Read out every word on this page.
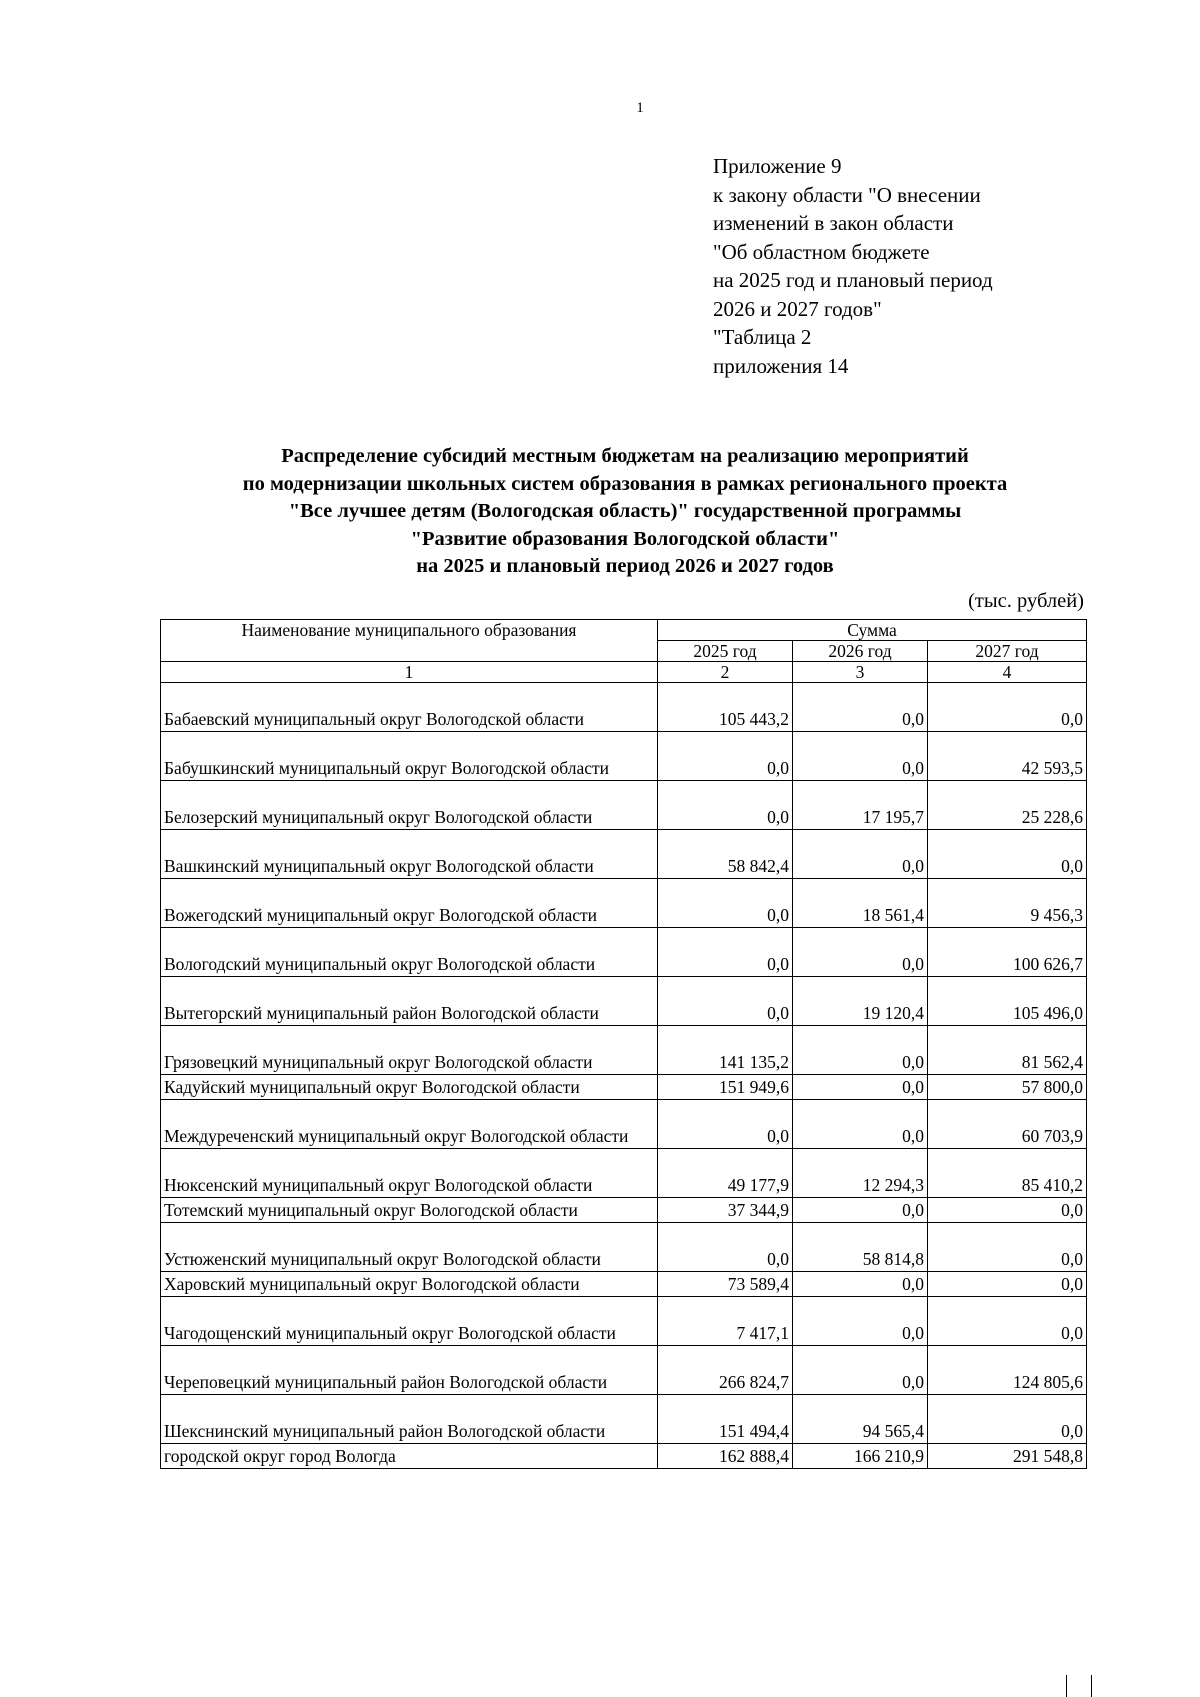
1
Приложение 9
к закону области "О внесении
изменений в закон области
"Об областном бюджете
на 2025 год и плановый период
2026 и 2027 годов"
"Таблица 2
приложения 14
Распределение субсидий местным бюджетам на реализацию мероприятий
по модернизации школьных систем образования в рамках регионального проекта
"Все лучшее детям (Вологодская область)" государственной программы
"Развитие образования Вологодской области"
на 2025 и плановый период 2026 и 2027 годов
(тыс. рублей)
Наименование муниципального образования	Сумма		
	2025 год	2026 год	2027 год
1	2	3	4
Бабаевский муниципальный округ Вологодской области	105 443,2	0,0	0,0
Бабушкинский муниципальный округ Вологодской области	0,0	0,0	42 593,5
Белозерский муниципальный округ Вологодской области	0,0	17 195,7	25 228,6
Вашкинский муниципальный округ Вологодской области	58 842,4	0,0	0,0
Вожегодский муниципальный округ Вологодской области	0,0	18 561,4	9 456,3
Вологодский муниципальный округ Вологодской области	0,0	0,0	100 626,7
Вытегорский муниципальный район Вологодской области	0,0	19 120,4	105 496,0
Грязовецкий муниципальный округ Вологодской области	141 135,2	0,0	81 562,4
Кадуйский муниципальный округ Вологодской области	151 949,6	0,0	57 800,0
Междуреченский муниципальный округ Вологодской области	0,0	0,0	60 703,9
Нюксенский муниципальный округ Вологодской области	49 177,9	12 294,3	85 410,2
Тотемский муниципальный округ Вологодской области	37 344,9	0,0	0,0
Устюженский муниципальный округ Вологодской области	0,0	58 814,8	0,0
Харовский муниципальный округ Вологодской области	73 589,4	0,0	0,0
Чагодощенский муниципальный округ Вологодской области	7 417,1	0,0	0,0
Череповецкий муниципальный район Вологодской области	266 824,7	0,0	124 805,6
Шекснинский муниципальный район Вологодской области	151 494,4	94 565,4	0,0
городской округ город Вологда	162 888,4	166 210,9	291 548,8
